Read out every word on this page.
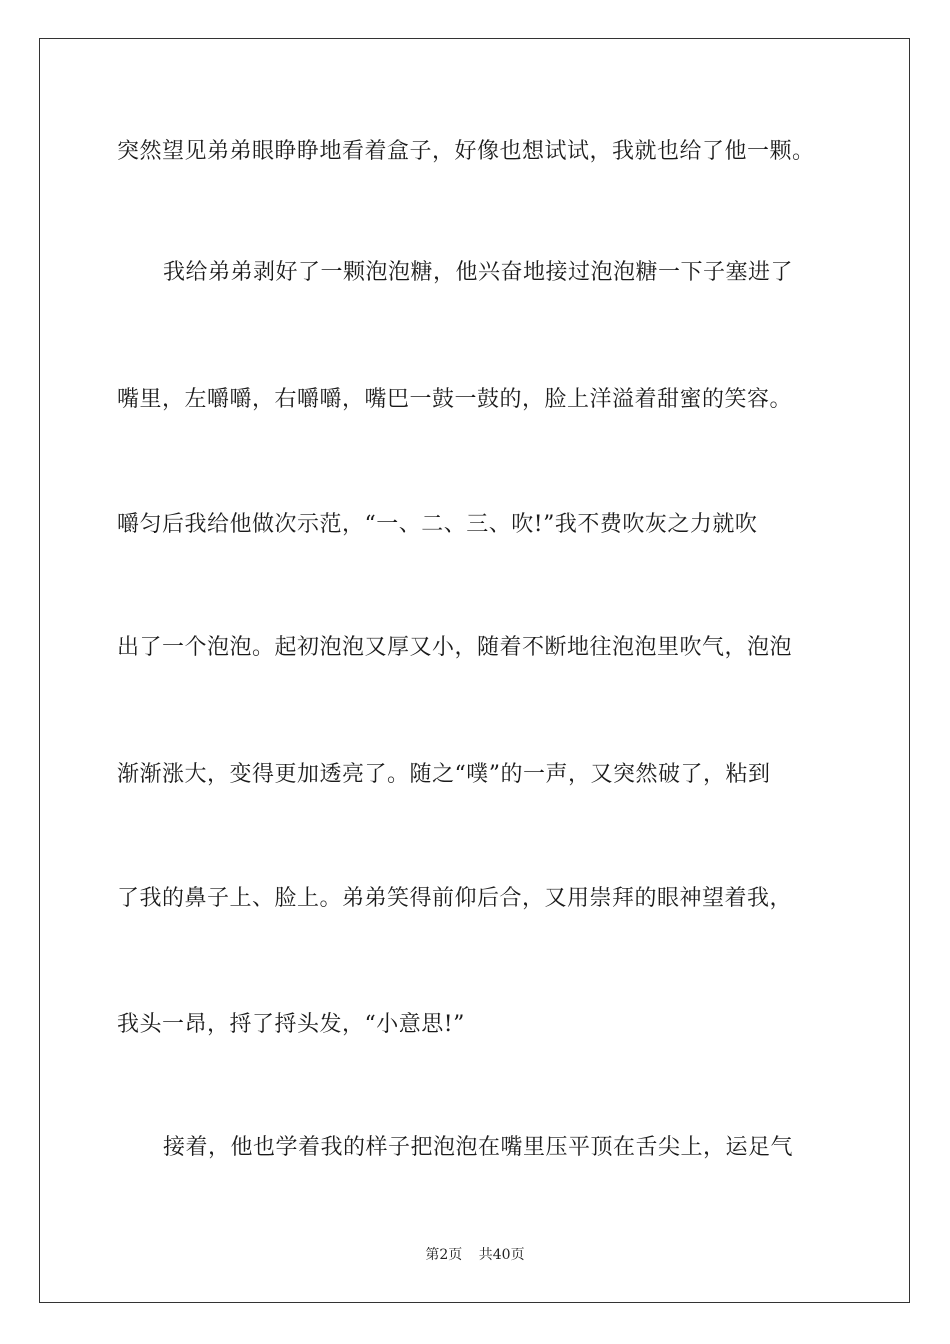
突然望见弟弟眼睁睁地看着盒子，好像也想试试，我就也给了他一颗。
我给弟弟剥好了一颗泡泡糖，他兴奋地接过泡泡糖一下子塞进了
嘴里，左嚼嚼，右嚼嚼，嘴巴一鼓一鼓的，脸上洋溢着甜蜜的笑容。
嚼匀后我给他做次示范，“一、二、三、吹!”我不费吹灰之力就吹
出了一个泡泡。起初泡泡又厚又小，随着不断地往泡泡里吹气，泡泡
渐渐涨大，变得更加透亮了。随之“噗”的一声，又突然破了，粘到
了我的鼻子上、脸上。弟弟笑得前仰后合，又用崇拜的眼神望着我，
我头一昂，捋了捋头发，“小意思!”
接着，他也学着我的样子把泡泡在嘴里压平顶在舌尖上，运足气
第2页 共40页
